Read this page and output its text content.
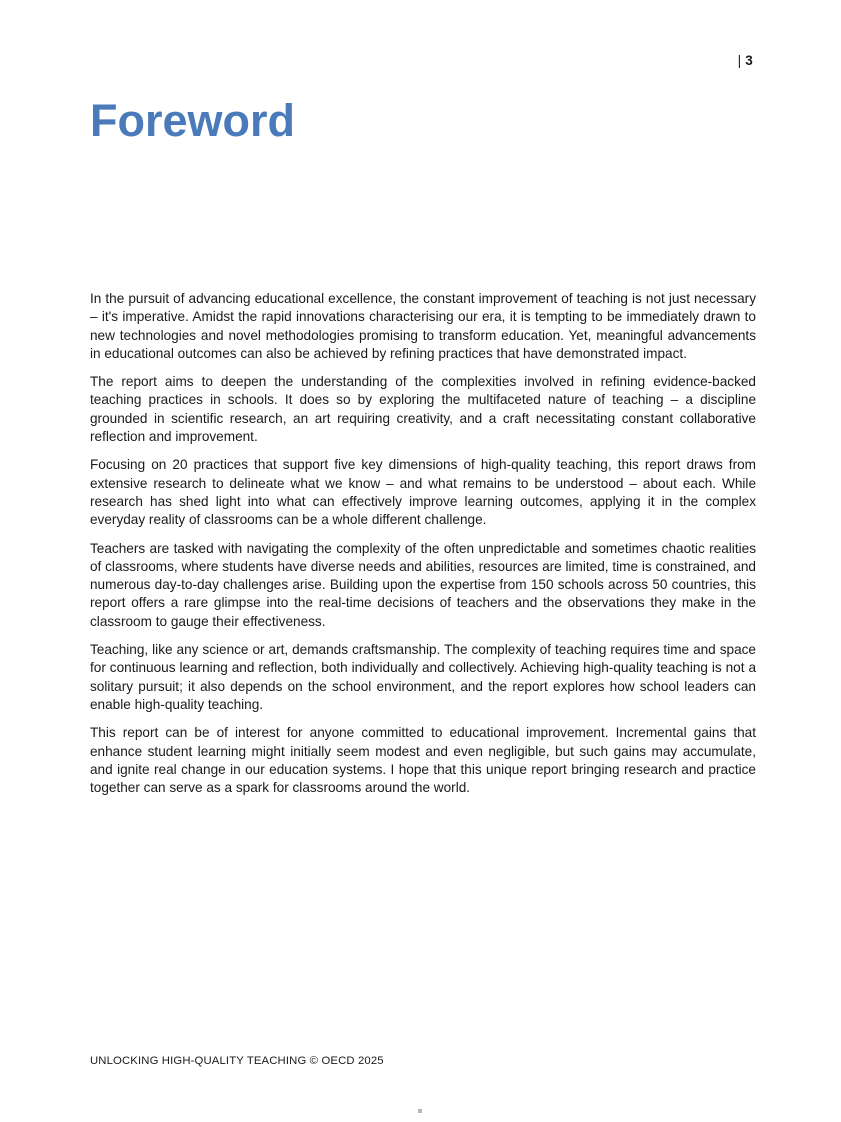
| 3
Foreword

In the pursuit of advancing educational excellence, the constant improvement of teaching is not just necessary – it's imperative. Amidst the rapid innovations characterising our era, it is tempting to be immediately drawn to new technologies and novel methodologies promising to transform education. Yet, meaningful advancements in educational outcomes can also be achieved by refining practices that have demonstrated impact.

The report aims to deepen the understanding of the complexities involved in refining evidence-backed teaching practices in schools. It does so by exploring the multifaceted nature of teaching – a discipline grounded in scientific research, an art requiring creativity, and a craft necessitating constant collaborative reflection and improvement.

Focusing on 20 practices that support five key dimensions of high-quality teaching, this report draws from extensive research to delineate what we know – and what remains to be understood – about each. While research has shed light into what can effectively improve learning outcomes, applying it in the complex everyday reality of classrooms can be a whole different challenge.

Teachers are tasked with navigating the complexity of the often unpredictable and sometimes chaotic realities of classrooms, where students have diverse needs and abilities, resources are limited, time is constrained, and numerous day-to-day challenges arise. Building upon the expertise from 150 schools across 50 countries, this report offers a rare glimpse into the real-time decisions of teachers and the observations they make in the classroom to gauge their effectiveness.

Teaching, like any science or art, demands craftsmanship. The complexity of teaching requires time and space for continuous learning and reflection, both individually and collectively. Achieving high-quality teaching is not a solitary pursuit; it also depends on the school environment, and the report explores how school leaders can enable high-quality teaching.

This report can be of interest for anyone committed to educational improvement. Incremental gains that enhance student learning might initially seem modest and even negligible, but such gains may accumulate, and ignite real change in our education systems. I hope that this unique report bringing research and practice together can serve as a spark for classrooms around the world.

UNLOCKING HIGH-QUALITY TEACHING © OECD 2025
